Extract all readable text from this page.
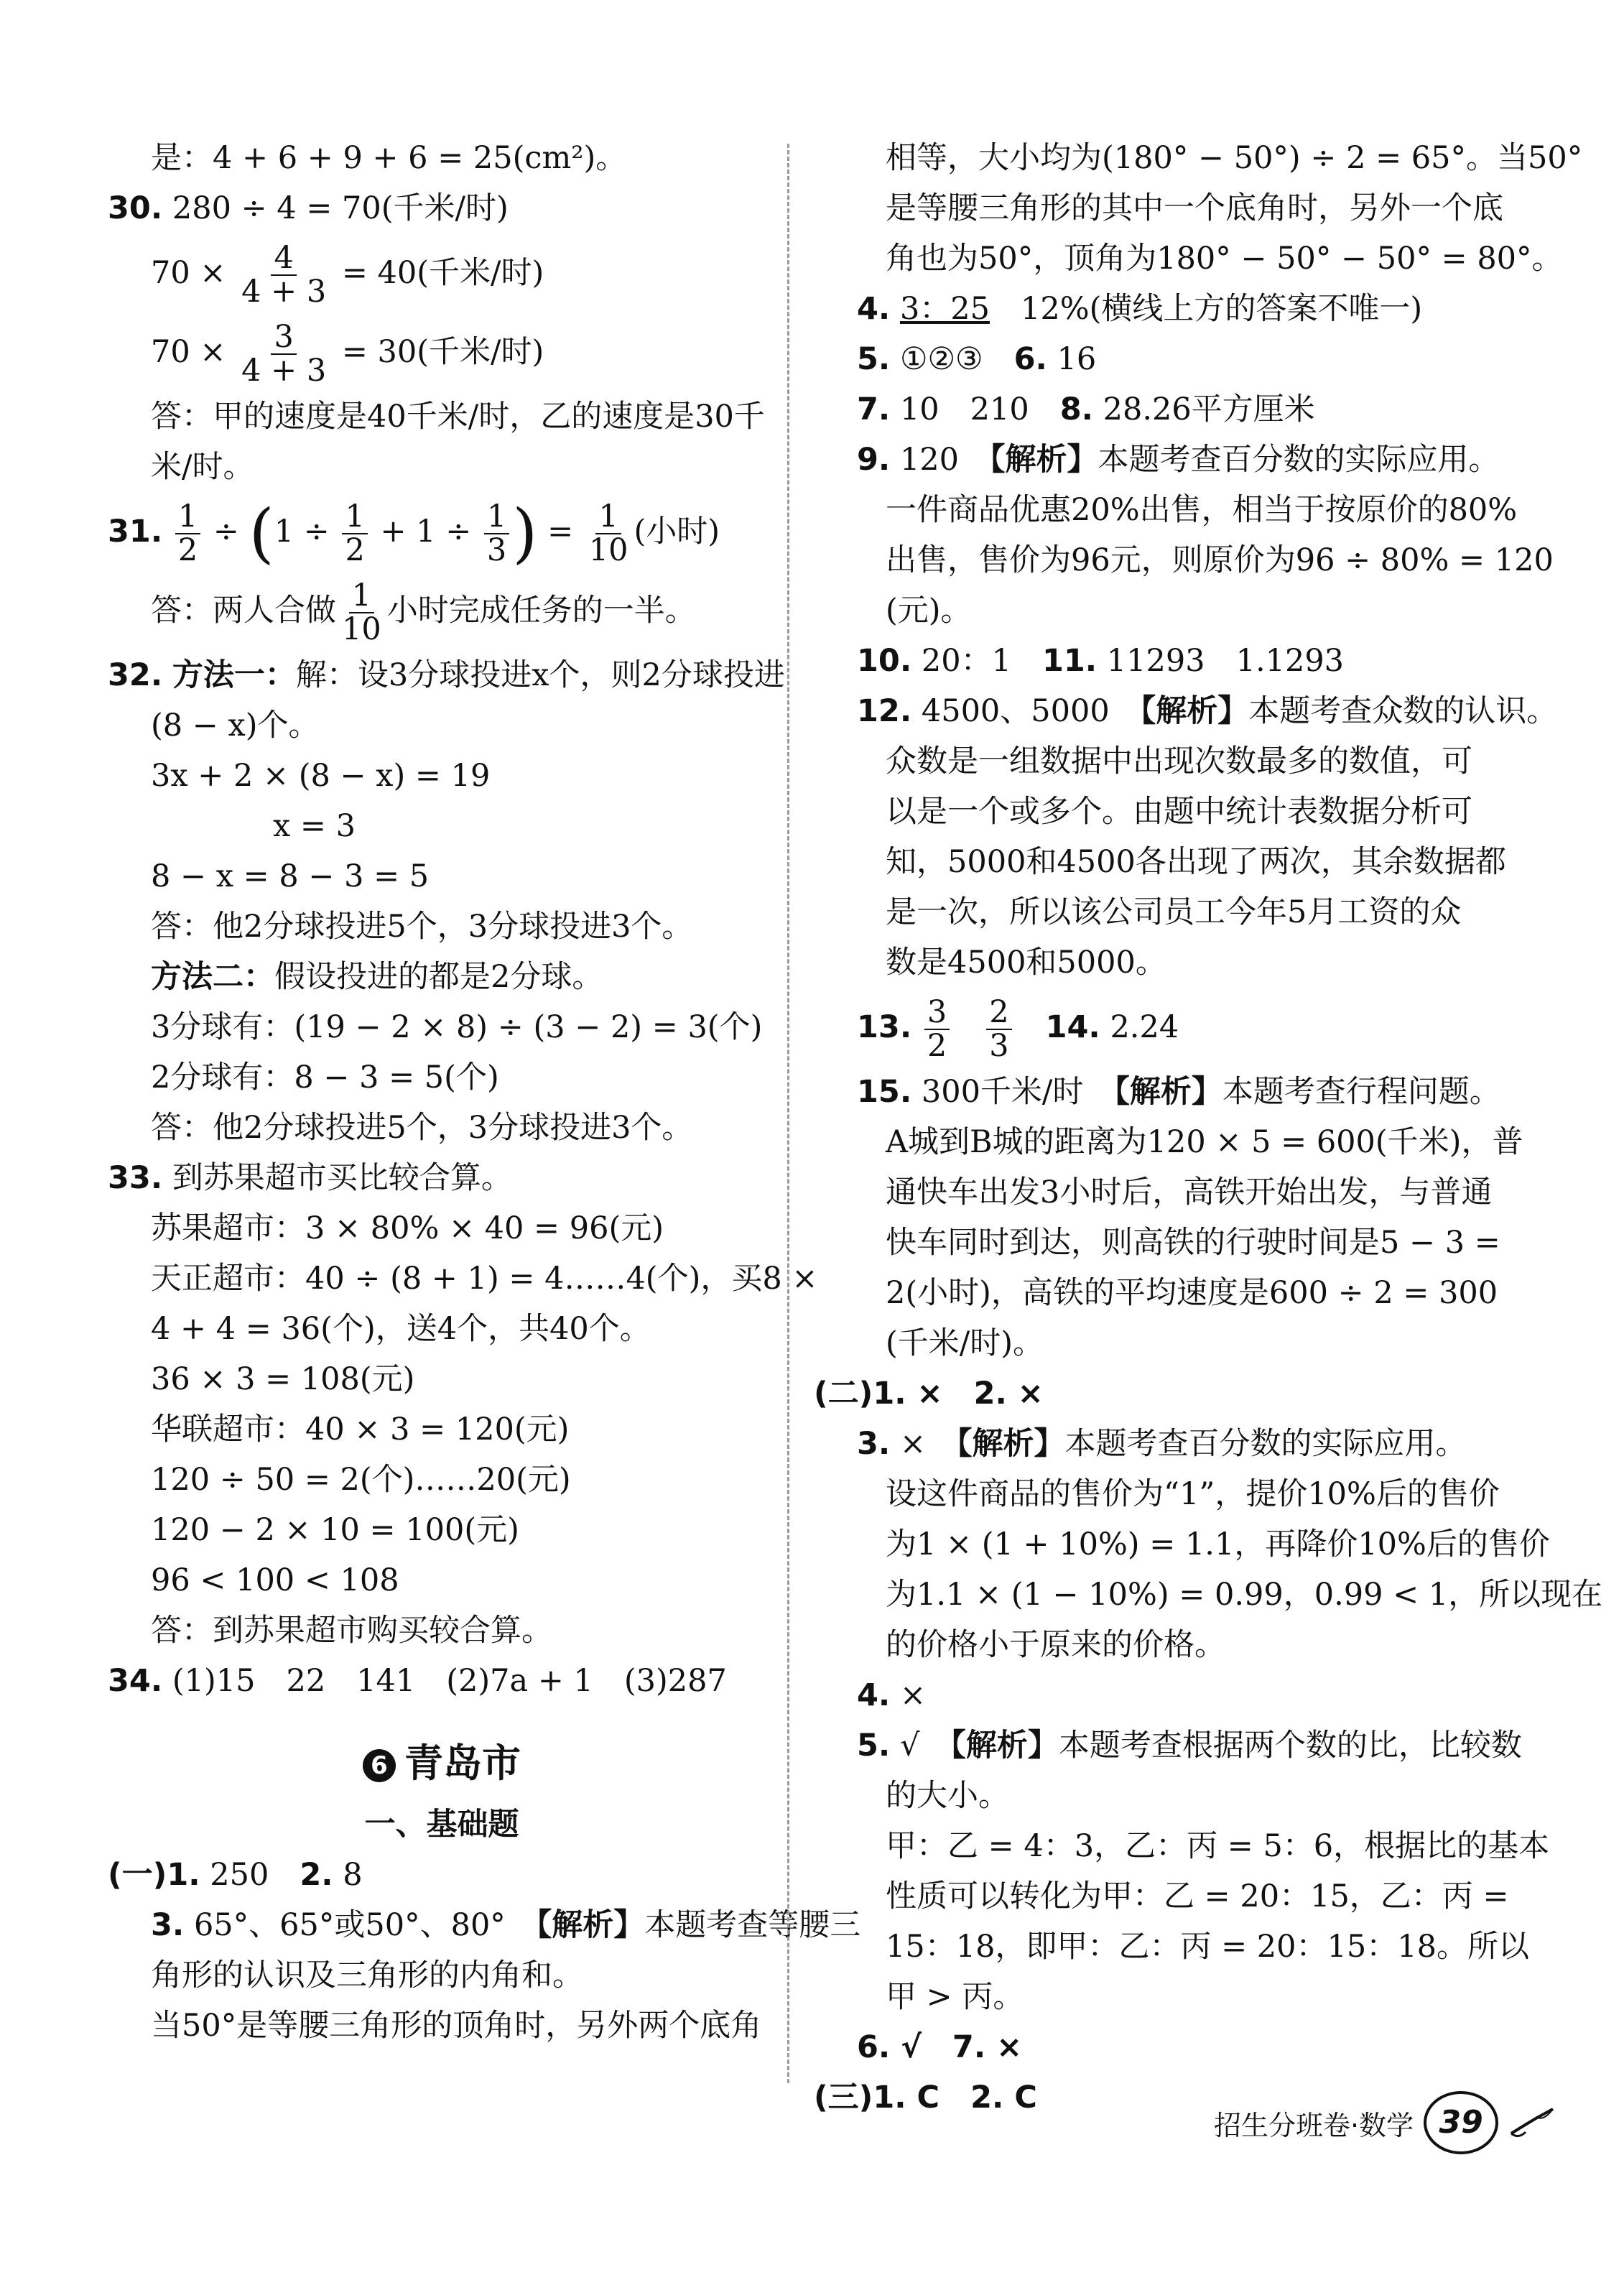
是：4 + 6 + 9 + 6 = 25(cm²)。
30. 280 ÷ 4 = 70(千米/时)
$70 \times \frac{4}{4 + 3} = 40$(千米/时)
$70 \times \frac{3}{4 + 3} = 30$(千米/时)
答：甲的速度是40千米/时，乙的速度是30千
米/时。
31. $\frac{1}{2} \div (1 \div \frac{1}{2} + 1 \div \frac{1}{3}$ ) = $\frac{1}{10}$ (小时)
答：两人合做 $\frac{1}{10}$ 小时完成任务的一半。
32. 方法一：解：设3分球投进x个，则2分球投进
(8 − x)个。
3x + 2 × (8 − x) = 19
x = 3
8 − x = 8 − 3 = 5
答：他2分球投进5个，3分球投进3个。
方法二：假设投进的都是2分球。
3分球有：(19 − 2 × 8) ÷ (3 − 2) = 3(个)
2分球有：8 − 3 = 5(个)
答：他2分球投进5个，3分球投进3个。
33. 到苏果超市买比较合算。
苏果超市：3 × 80% × 40 = 96(元)
天正超市：40 ÷ (8 + 1) = 4……4(个)，买8 ×
4 + 4 = 36(个)，送4个，共40个。
36 × 3 = 108(元)
华联超市：40 × 3 = 120(元)
120 ÷ 50 = 2(个)……20(元)
120 − 2 × 10 = 100(元)
96 < 100 < 108
答：到苏果超市购买较合算。
34. (1)15　22　141　(2)7a + 1　(3)287
6 青岛市
一、基础题
(一)1. 250　 2. 8
3. 65°、65°或50°、80°　 【解析】本题考查等腰三
角形的认识及三角形的内角和。
当50°是等腰三角形的顶角时，另外两个底角
相等，大小均为(180° − 50°) ÷ 2 = 65°。当50°
是等腰三角形的其中一个底角时，另外一个底
角也为50°，顶角为180° − 50° − 50° = 80°。
4. 3：25　 12%(横线上方的答案不唯一)
5. ①②③　 6. 16
7. 10　210　 8. 28.26平方厘米
9. 120　 【解析】本题考查百分数的实际应用。
一件商品优惠20%出售，相当于按原价的80%
出售，售价为96元，则原价为96 ÷ 80% = 120
(元)。
10. 20：1　 11. 11293　1.1293
12. 4500、5000　 【解析】本题考查众数的认识。
众数是一组数据中出现次数最多的数值，可
以是一个或多个。由题中统计表数据分析可
知，5000和4500各出现了两次，其余数据都
是一次，所以该公司员工今年5月工资的众
数是4500和5000。
13. $\frac{3}{2}$
　 $\frac{2}{3}$
　 14. 2.24
15. 300千米/时　 【解析】本题考查行程问题。
A城到B城的距离为120 × 5 = 600(千米)，普
通快车出发3小时后，高铁开始出发，与普通
快车同时到达，则高铁的行驶时间是5 − 3 =
2(小时)，高铁的平均速度是600 ÷ 2 = 300
(千米/时)。
(二)1. ×　2. ×
3. ×　 【解析】本题考查百分数的实际应用。
设这件商品的售价为“1”，提价10%后的售价
为1 × (1 + 10%) = 1.1，再降价10%后的售价
为1.1 × (1 − 10%) = 0.99，0.99 < 1，所以现在
的价格小于原来的价格。
4. ×
5. √　 【解析】本题考查根据两个数的比，比较数
的大小。
甲：乙 = 4：3，乙：丙 = 5：6，根据比的基本
性质可以转化为甲：乙 = 20：15，乙：丙 =
15：18，即甲：乙：丙 = 20：15：18。所以
甲 > 丙。
6. √　7. ×
(三)1. C　2. C
招生分班卷·数学 39
